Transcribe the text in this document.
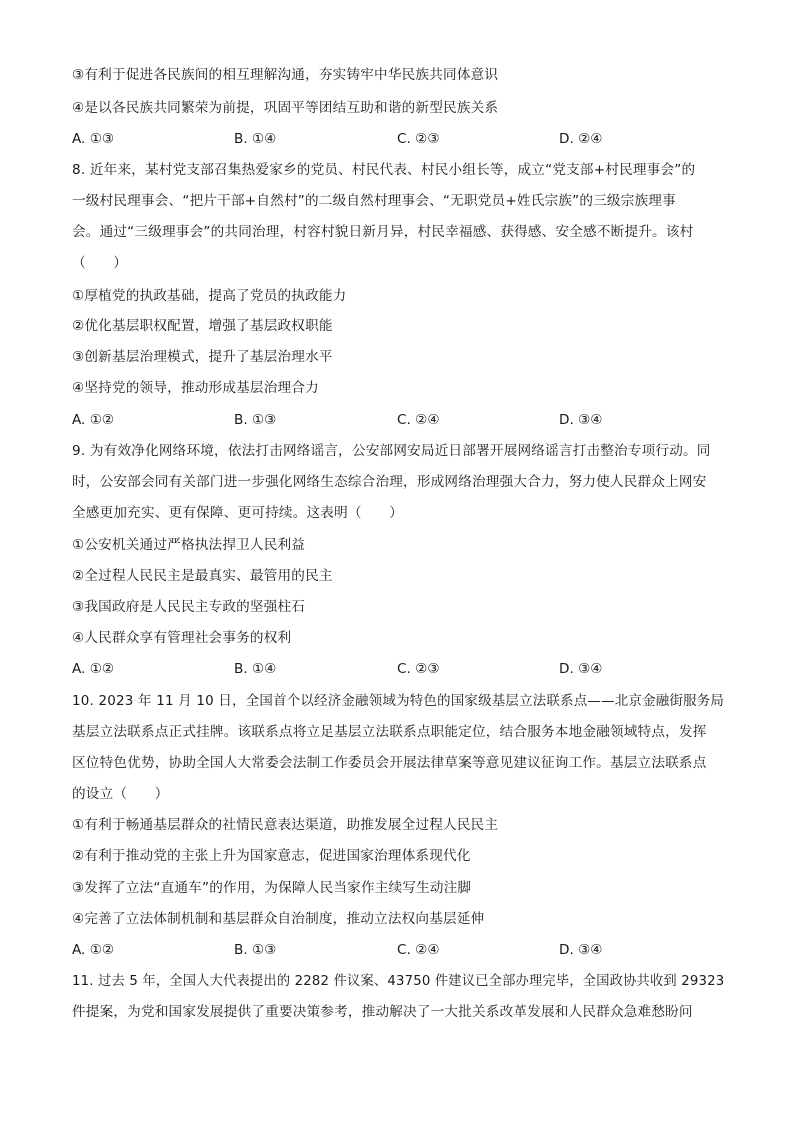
③有利于促进各民族间的相互理解沟通，夯实铸牢中华民族共同体意识
④是以各民族共同繁荣为前提，巩固平等团结互助和谐的新型民族关系
A. ①③	B. ①④	C. ②③	D. ②④
8. 近年来，某村党支部召集热爱家乡的党员、村民代表、村民小组长等，成立“党支部+村民理事会”的
一级村民理事会、“把片干部+自然村”的二级自然村理事会、“无职党员+姓氏宗族”的三级宗族理事
会。通过“三级理事会”的共同治理，村容村貌日新月异，村民幸福感、获得感、安全感不断提升。该村
（　　）
①厚植党的执政基础，提高了党员的执政能力
②优化基层职权配置，增强了基层政权职能
③创新基层治理模式，提升了基层治理水平
④坚持党的领导，推动形成基层治理合力
A. ①②	B. ①③	C. ②④	D. ③④
9. 为有效净化网络环境，依法打击网络谣言，公安部网安局近日部署开展网络谣言打击整治专项行动。同
时，公安部会同有关部门进一步强化网络生态综合治理，形成网络治理强大合力，努力使人民群众上网安
全感更加充实、更有保障、更可持续。这表明（　　）
①公安机关通过严格执法捍卫人民利益
②全过程人民民主是最真实、最管用的民主
③我国政府是人民民主专政的坚强柱石
④人民群众享有管理社会事务的权利
A. ①②	B. ①④	C. ②③	D. ③④
10. 2023 年 11 月 10 日，全国首个以经济金融领域为特色的国家级基层立法联系点——北京金融街服务局
基层立法联系点正式挂牌。该联系点将立足基层立法联系点职能定位，结合服务本地金融领域特点，发挥
区位特色优势，协助全国人大常委会法制工作委员会开展法律草案等意见建议征询工作。基层立法联系点
的设立（　　）
①有利于畅通基层群众的社情民意表达渠道，助推发展全过程人民民主
②有利于推动党的主张上升为国家意志，促进国家治理体系现代化
③发挥了立法“直通车”的作用，为保障人民当家作主续写生动注脚
④完善了立法体制机制和基层群众自治制度，推动立法权向基层延伸
A. ①②	B. ①③	C. ②④	D. ③④
11. 过去 5 年，全国人大代表提出的 2282 件议案、43750 件建议已全部办理完毕，全国政协共收到 29323
件提案，为党和国家发展提供了重要决策参考，推动解决了一大批关系改革发展和人民群众急难愁盼问
